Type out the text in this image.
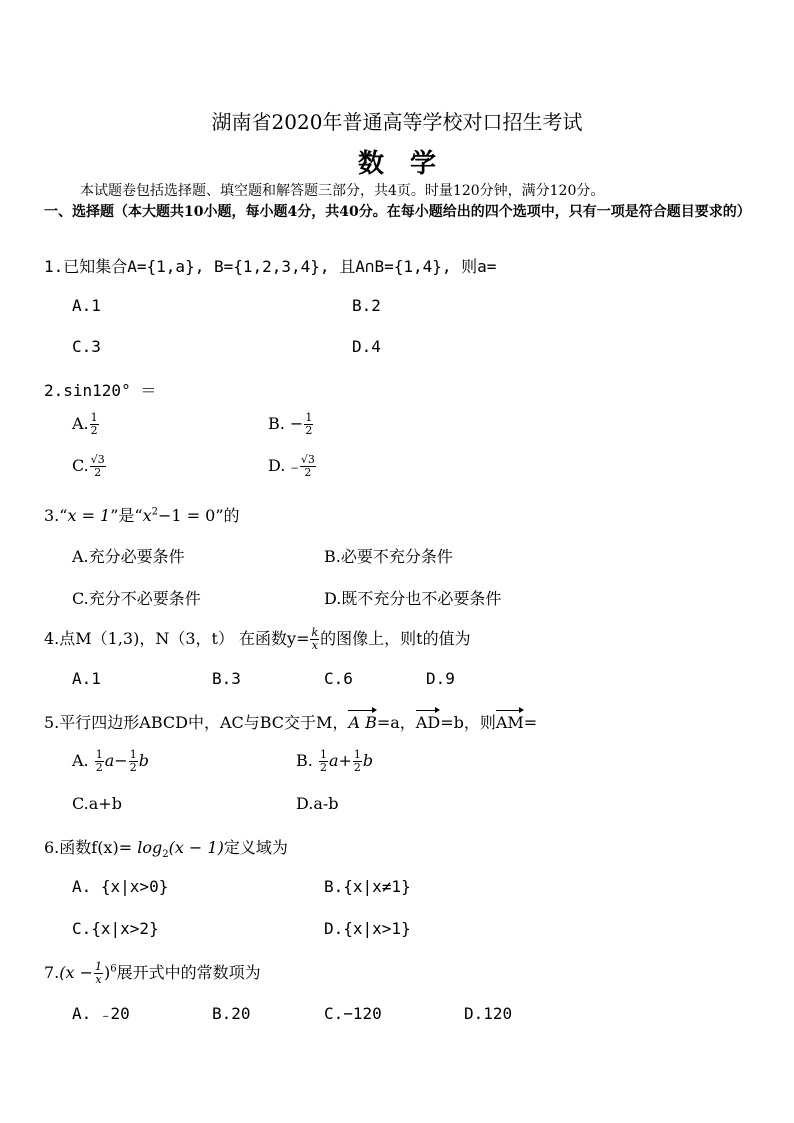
湖南省2020年普通高等学校对口招生考试
数学
本试题卷包括选择题、填空题和解答题三部分，共4页。时量120分钟，满分120分。
一、选择题（本大题共10小题，每小题4分，共40分。在每小题给出的四个选项中，只有一项是符合题目要求的）
1.已知集合A={1,a}, B={1,2,3,4}, 且A∩B={1,4}, 则a=
A.1	B.2
C.3	D.4
2.sin120° ＝
A. $\frac{1}{2}$	B. − $\frac{1}{2}$
C. $\frac{√3}{2}$	D. ₋ $\frac{√3}{2}$
3.“x = 1”是“$x^2-1 = 0$”的
A.充分必要条件	B.必要不充分条件
C.充分不必要条件	D.既不充分也不必要条件
4.点M（1,3)，N（3，t） 在函数$y= \frac{k}{x}$ 的图像上，则t的值为
A.1	B.3	C.6	D.9
5.平行四边形ABCD中，AC与BC交于M，A B=a，AD=b，则AM=
A. $\frac{1}{2} a- \frac{1}{2}$ b	B. $\frac{1}{2} a+ \frac{1}{2}$ b
C.a+b	D.a-b
6.函数$f(x)= \log_2(x - 1)$定义域为
A. {x|x>0}	B.{x|x≠1}
C.{x|x>2}	D.{x|x>1}
$7.(x - \frac{1}{x} )^6$展开式中的常数项为
A. ₋20	B.20	C.−120	D.120
